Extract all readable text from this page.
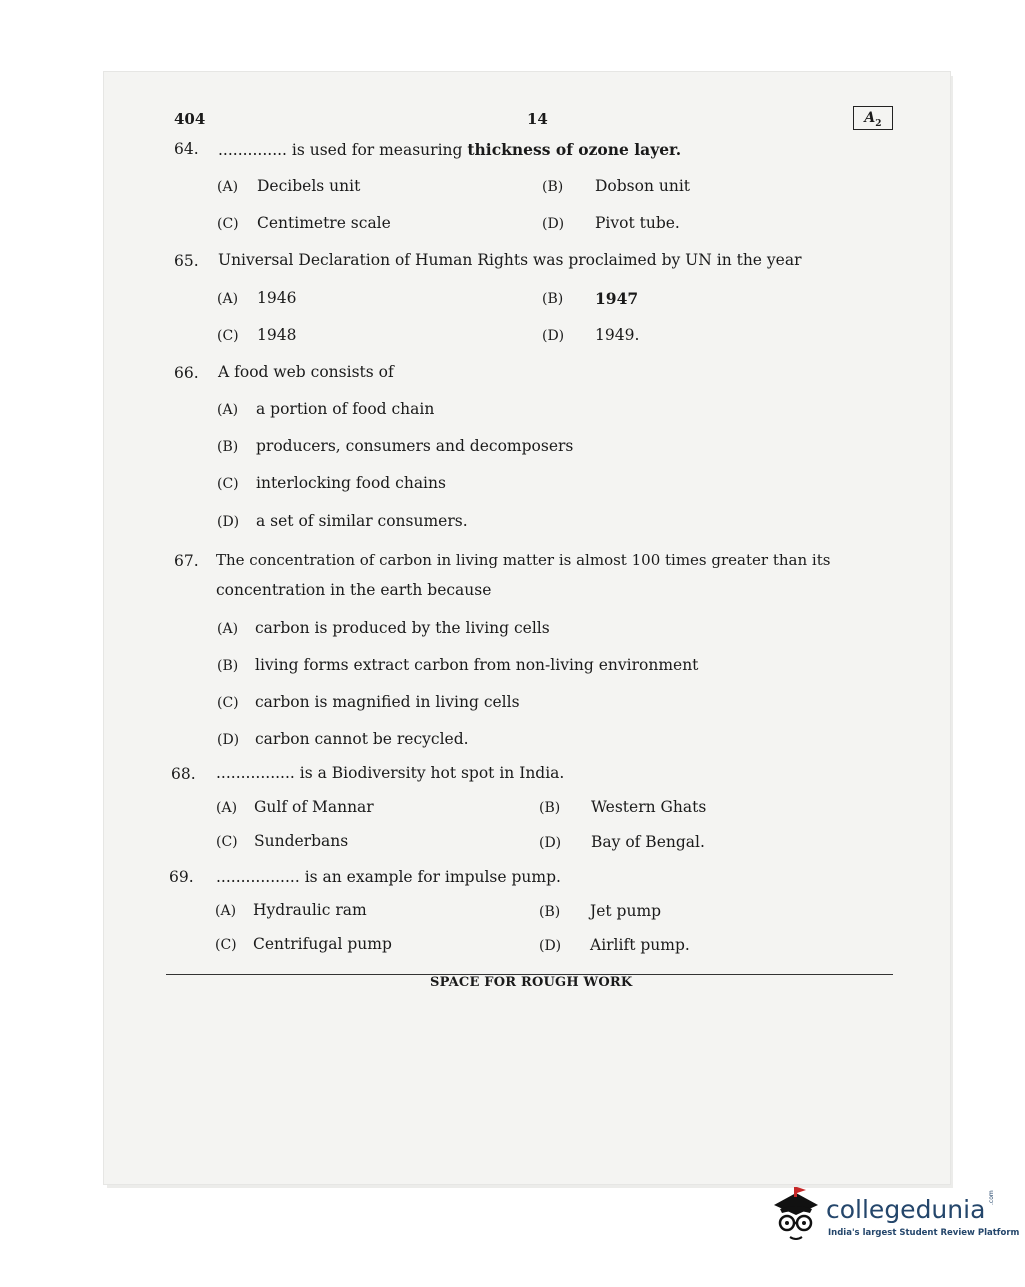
404	14	$A_2$
64. .............. is used for measuring thickness of ozone layer.
(A) Decibels unit	(B) Dobson unit
(C) Centimetre scale	(D) Pivot tube.
65. Universal Declaration of Human Rights was proclaimed by UN in the year
(A) 1946	(B) 1947
(C) 1948	(D) 1949.
66. A food web consists of
(A) a portion of food chain
(B) producers, consumers and decomposers
(C) interlocking food chains
(D) a set of similar consumers.
67. The concentration of carbon in living matter is almost 100 times greater than its
concentration in the earth because
(A) carbon is produced by the living cells
(B) living forms extract carbon from non-living environment
(C) carbon is magnified in living cells
(D) carbon cannot be recycled.
68. ................ is a Biodiversity hot spot in India.
(A) Gulf of Mannar	(B) Western Ghats
(C) Sunderbans	(D) Bay of Bengal.
69. ................. is an example for impulse pump.
(A) Hydraulic ram	(B) Jet pump
(C) Centrifugal pump	(D) Airlift pump.
SPACE FOR ROUGH WORK
collegedunia .com
India's largest Student Review Platform
